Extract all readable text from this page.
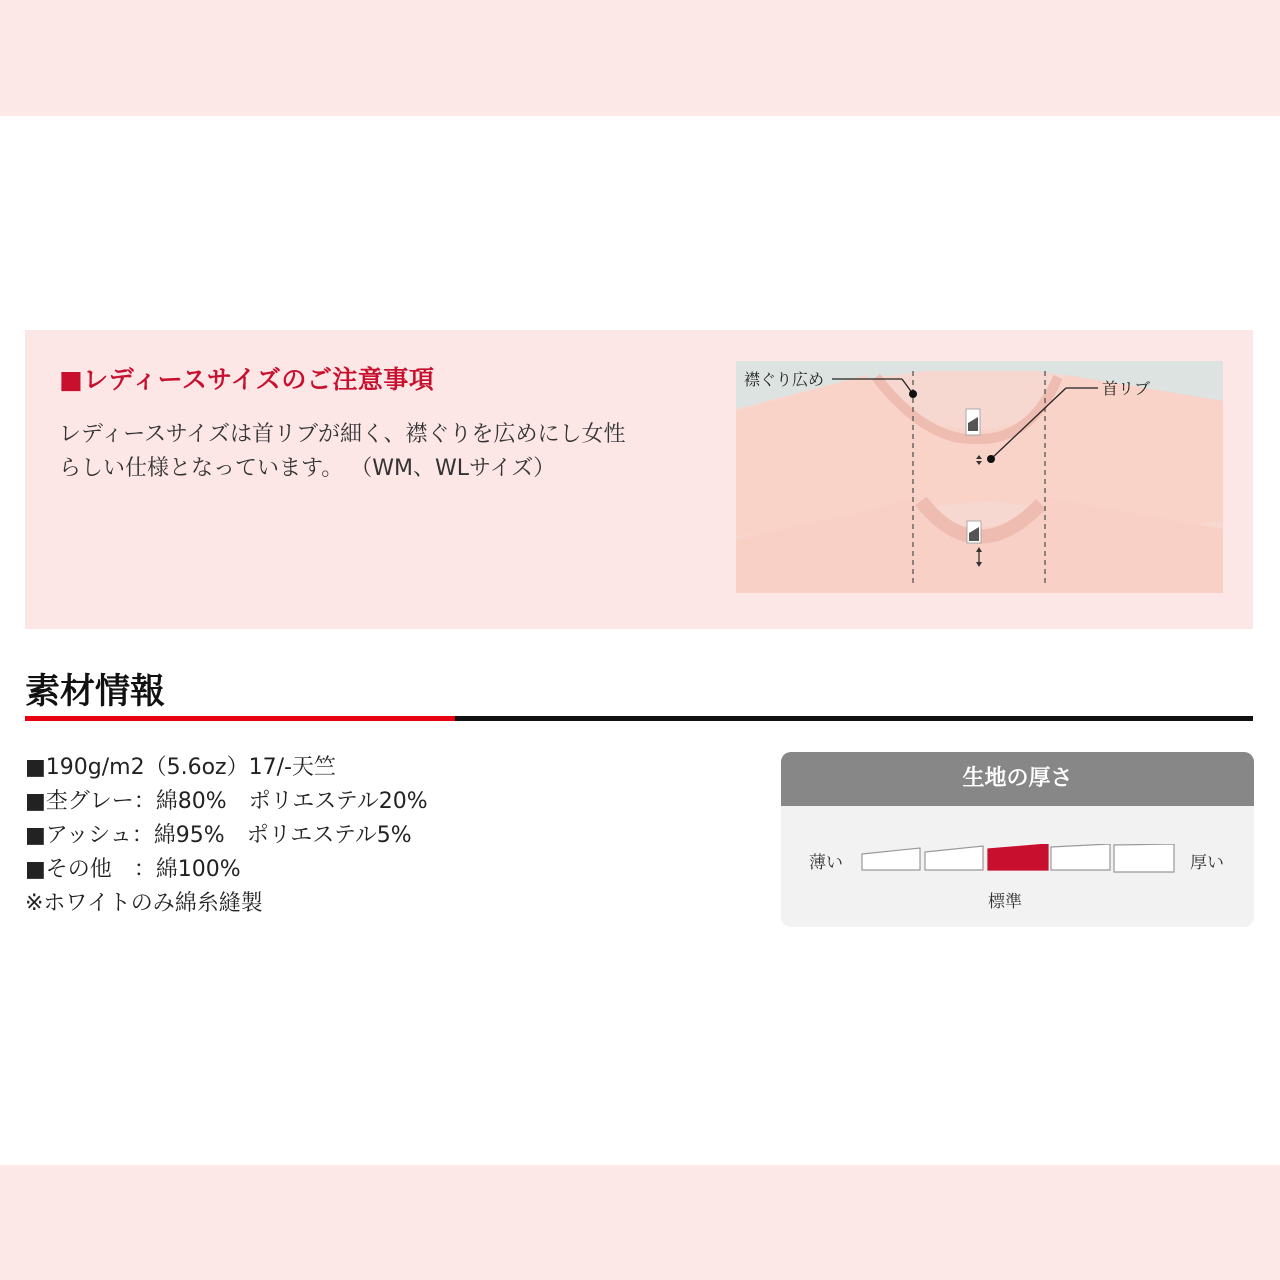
■レディースサイズのご注意事項
レディースサイズは首リブが細く、襟ぐりを広めにし女性
らしい仕様となっています。 （WM、WLサイズ）
襟ぐり広め	首リブ
素材情報
■190g/m2（5.6oz）17/-天竺
■杢グレー：綿80%　ポリエステル20%
■アッシュ：綿95%　ポリエステル5%
■その他　：綿100%
※ホワイトのみ綿糸縫製
生地の厚さ
薄い	厚い
標準
